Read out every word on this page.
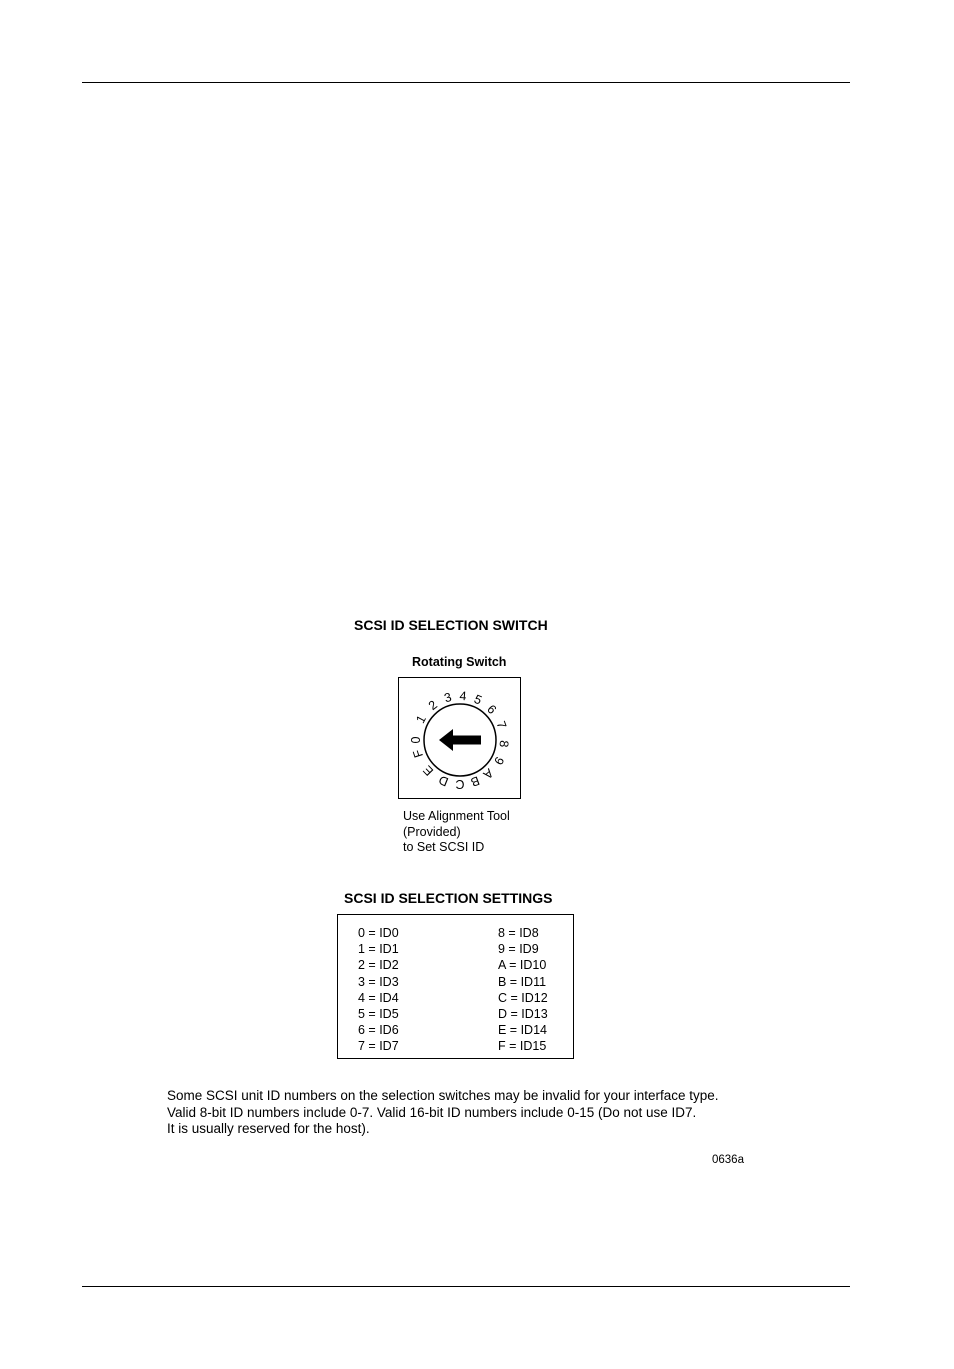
SCSI ID SELECTION SWITCH
Rotating Switch
0
1
2 3 4 5
6
7
8
9
A
B
C
D
E
F
Use Alignment Tool
(Provided)
to Set SCSI ID
SCSI ID SELECTION SETTINGS
0 = ID0
1 = ID1
2 = ID2
3 = ID3
4 = ID4
5 = ID5
6 = ID6
7 = ID7
8 = ID8
9 = ID9
A = ID10
B = ID11
C = ID12
D = ID13
E = ID14
F = ID15
Some SCSI unit ID numbers on the selection switches may be invalid for your interface type.
Valid 8-bit ID numbers include 0-7. Valid 16-bit ID numbers include 0-15 (Do not use ID7.
It is usually reserved for the host).
0636a
